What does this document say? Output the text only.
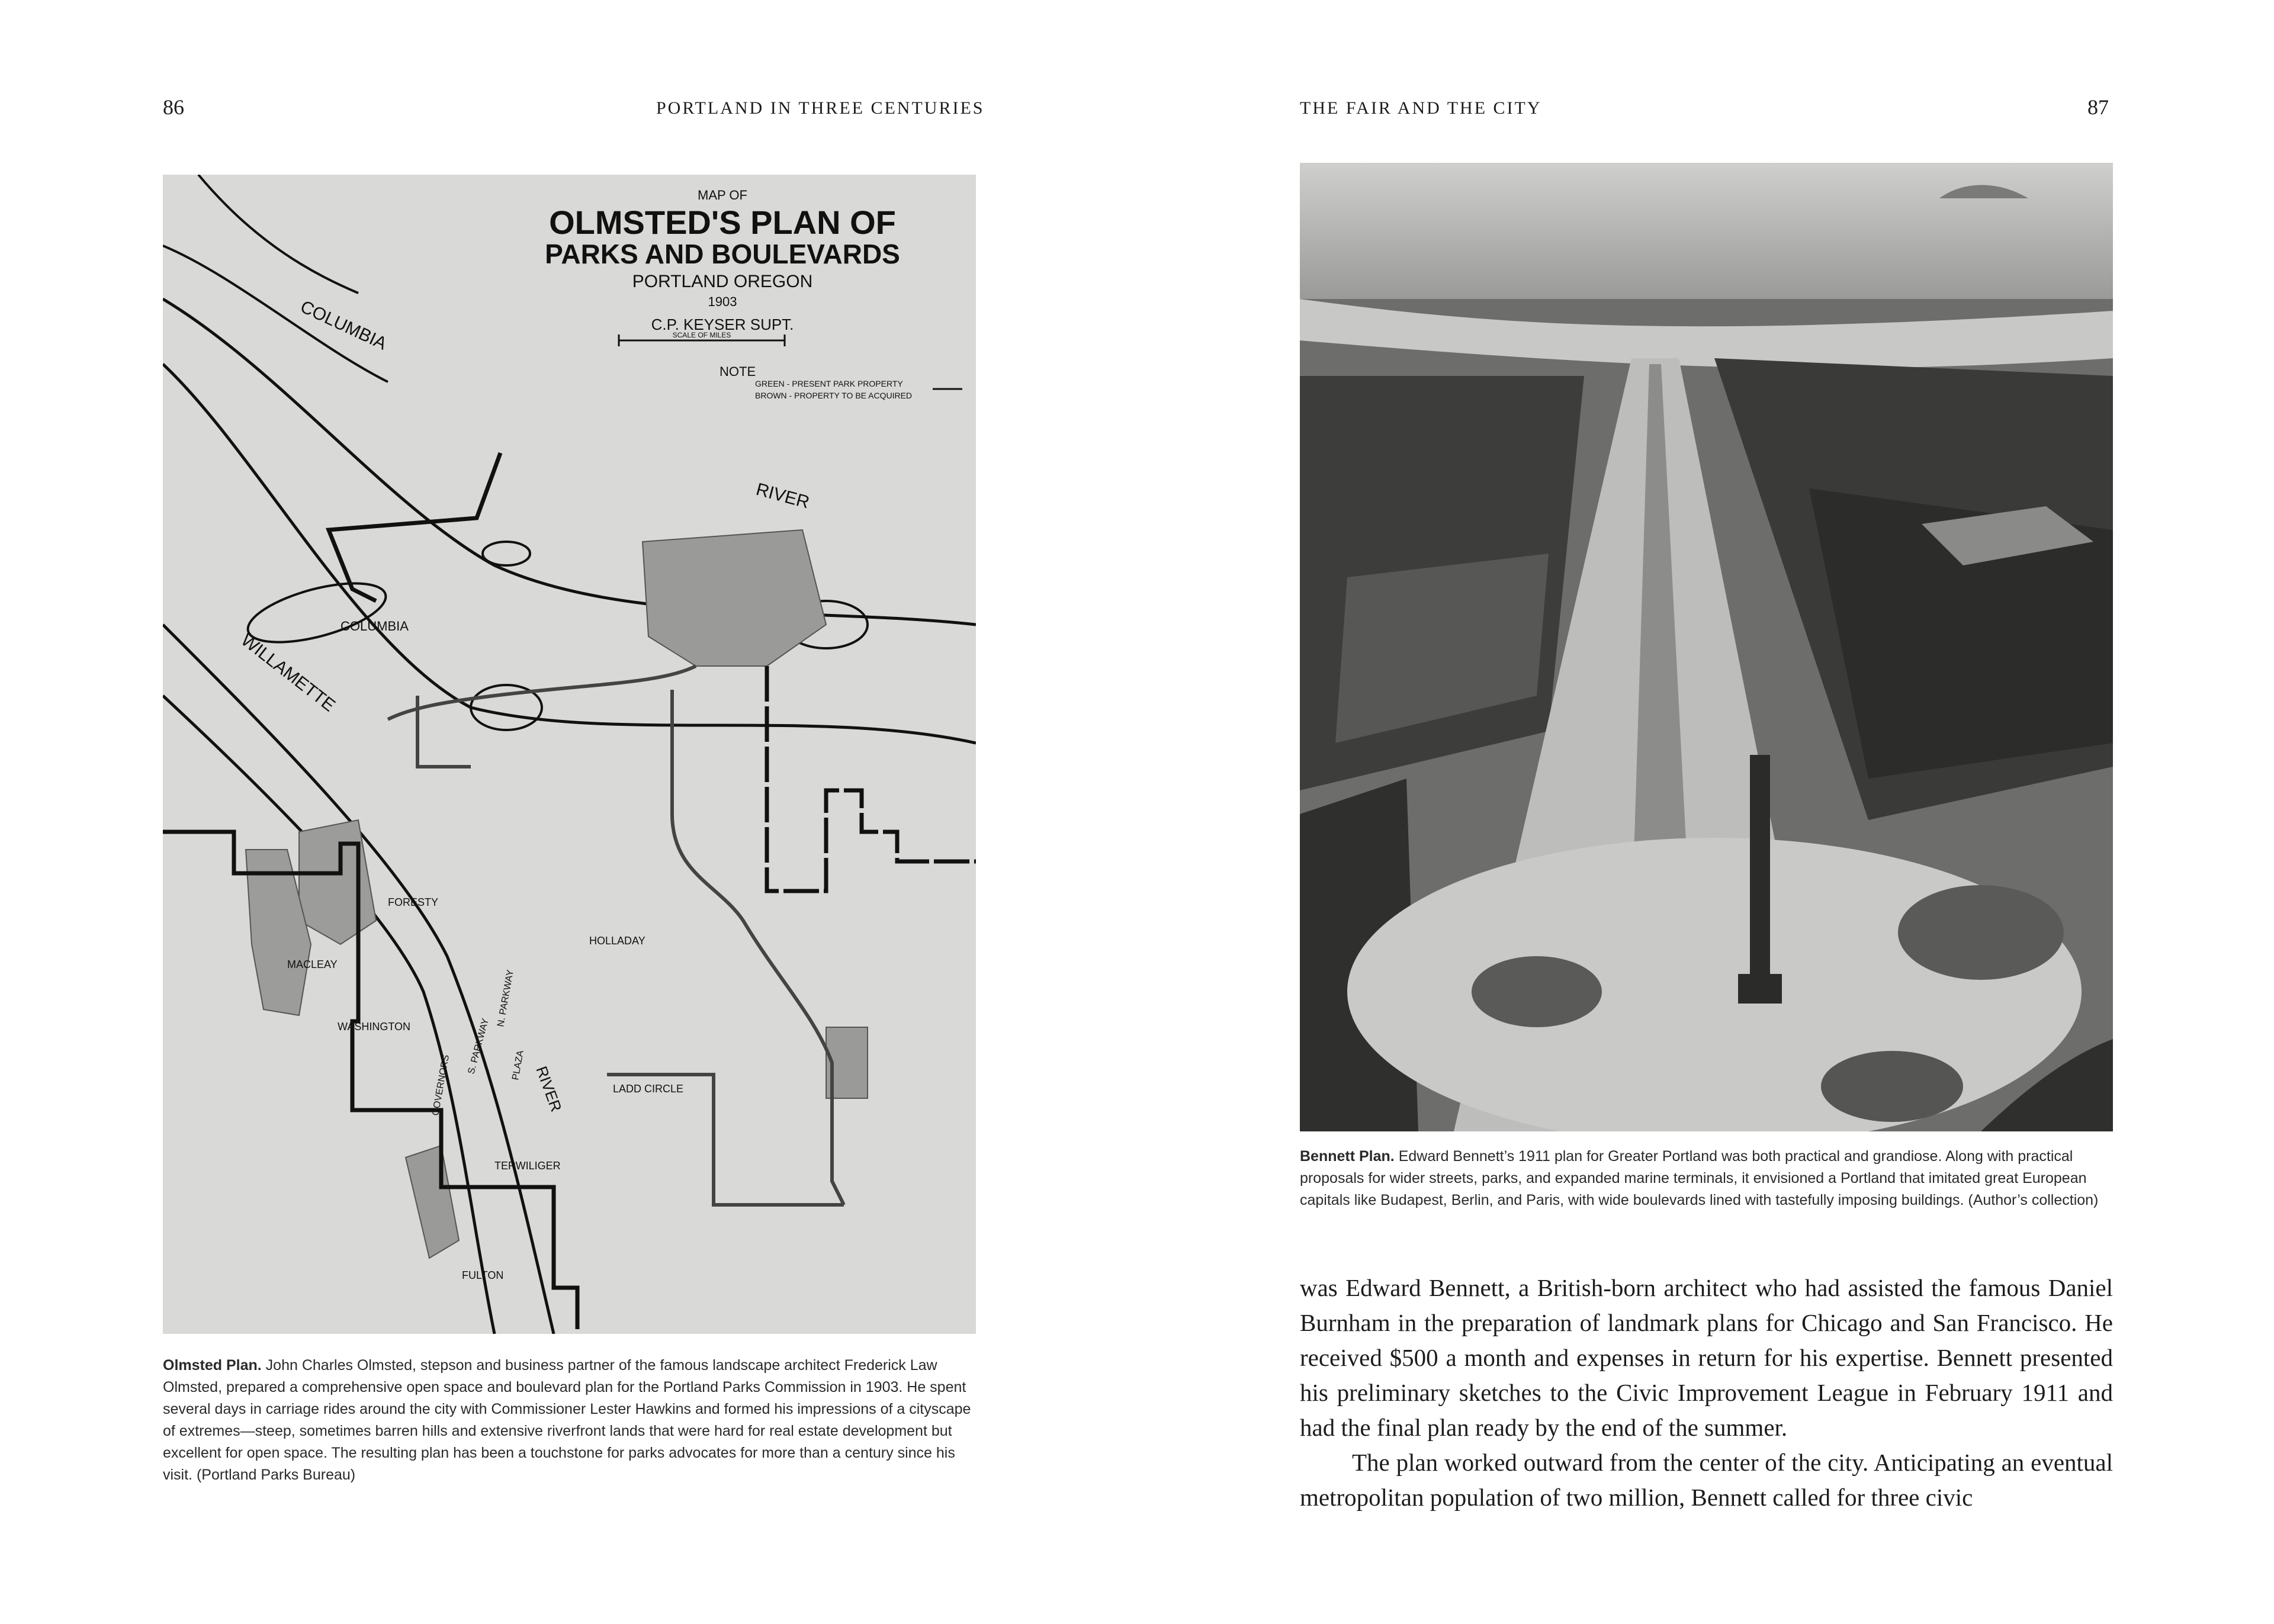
86	PORTLAND IN THREE CENTURIES
MAP OF
OLMSTED'S PLAN OF
PARKS AND BOULEVARDS
PORTLAND OREGON
1903
C.P. KEYSER SUPT.
SCALE OF MILES
NOTE
GREEN - PRESENT PARK PROPERTY
BROWN - PROPERTY TO BE ACQUIRED
COLUMBIA
RIVER
COLUMBIA
WILLAMETTE
FORESTY
MACLEAY
WASHINGTON
GOVERNORS
S. PARKWAY
N. PARKWAY
PLAZA
HOLLADAY
RIVER	LADD CIRCLE
TERWILIGER
FULTON
Olmsted Plan. John Charles Olmsted, stepson and business partner of the famous landscape architect Frederick Law Olmsted, prepared a comprehensive open space and boulevard plan for the Portland Parks Commission in 1903. He spent several days in carriage rides around the city with Commissioner Lester Hawkins and formed his impressions of a cityscape of extremes—steep, sometimes barren hills and extensive riverfront lands that were hard for real estate development but excellent for open space. The resulting plan has been a touchstone for parks advocates for more than a century since his visit. (Portland Parks Bureau)
THE FAIR AND THE CITY	87
Bennett Plan. Edward Bennett’s 1911 plan for Greater Portland was both practical and grandiose. Along with practical proposals for wider streets, parks, and expanded marine terminals, it envisioned a Portland that imitated great European capitals like Budapest, Berlin, and Paris, with wide boulevards lined with tastefully imposing buildings. (Author’s collection)

was Edward Bennett, a British-born architect who had assisted the famous Daniel Burnham in the preparation of landmark plans for Chicago and San Francisco. He received $500 a month and expenses in return for his expertise. Bennett presented his preliminary sketches to the Civic Improvement League in February 1911 and had the final plan ready by the end of the summer.

The plan worked outward from the center of the city. Anticipating an eventual metropolitan population of two million, Bennett called for three civic
